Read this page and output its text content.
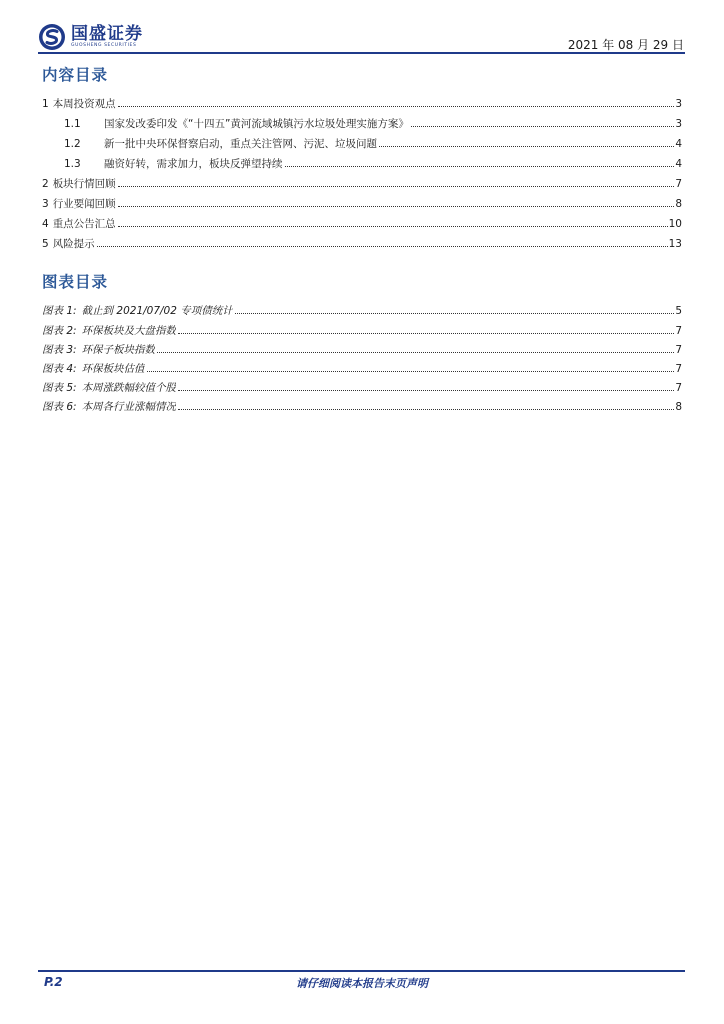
国盛证券
GUOSHENG SECURITIES	2021 年 08 月 29 日
内容目录
1 本周投资观点	3
1.1	国家发改委印发《“十四五”黄河流域城镇污水垃圾处理实施方案》	3
1.2	新一批中央环保督察启动，重点关注管网、污泥、垃圾问题	4
1.3	融资好转，需求加力，板块反弹望持续	4
2 板块行情回顾	7
3 行业要闻回顾	8
4 重点公告汇总	10
5 风险提示	13
图表目录
图表 1: 截止到 2021/07/02 专项债统计	5
图表 2: 环保板块及大盘指数	7
图表 3: 环保子板块指数	7
图表 4: 环保板块估值	7
图表 5: 本周涨跌幅较值个股	7
图表 6: 本周各行业涨幅情况	8
P.2	请仔细阅读本报告末页声明
